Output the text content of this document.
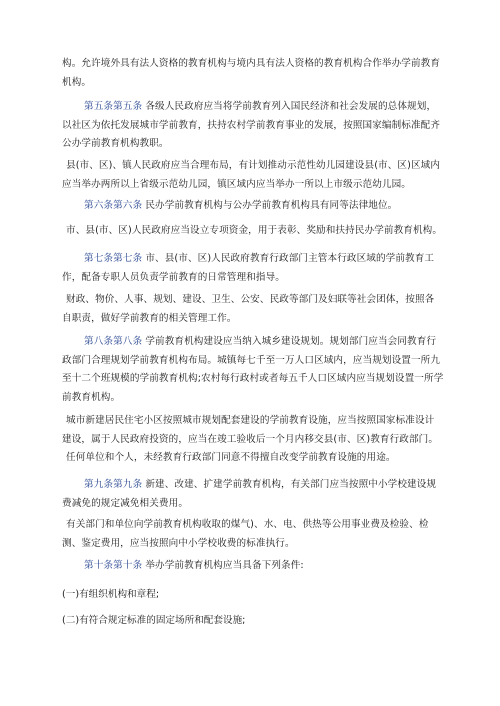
构。允许境外具有法人资格的教育机构与境内具有法人资格的教育机构合作举办学前教育机构。

第五条第五条 各级人民政府应当将学前教育列入国民经济和社会发展的总体规划，以社区为依托发展城市学前教育，扶持农村学前教育事业的发展，按照国家编制标准配齐公办学前教育机构教职。

县(市、区)、镇人民政府应当合理布局，有计划推动示范性幼儿园建设县(市、区)区域内应当举办两所以上省级示范幼儿园，镇区域内应当举办一所以上市级示范幼儿园。

第六条第六条 民办学前教育机构与公办学前教育机构具有同等法律地位。

市、县(市、区)人民政府应当设立专项资金，用于表彰、奖励和扶持民办学前教育机构。

第七条第七条 市、县(市、区)人民政府教育行政部门主管本行政区域的学前教育工作，配备专职人员负责学前教育的日常管理和指导。

财政、物价、人事、规划、建设、卫生、公安、民政等部门及妇联等社会团体，按照各自职责，做好学前教育的相关管理工作。

第八条第八条 学前教育机构建设应当纳入城乡建设规划。规划部门应当会同教育行政部门合理规划学前教育机构布局。城镇每七千至一万人口区域内，应当规划设置一所九至十二个班规模的学前教育机构;农村每行政村或者每五千人口区域内应当规划设置一所学前教育机构。

城市新建居民住宅小区按照城市规划配套建设的学前教育设施，应当按照国家标准设计建设，属于人民政府投资的，应当在竣工验收后一个月内移交县(市、区)教育行政部门。

任何单位和个人，未经教育行政部门同意不得擅自改变学前教育设施的用途。

第九条第九条 新建、改建、扩建学前教育机构，有关部门应当按照中小学校建设规费减免的规定减免相关费用。

有关部门和单位向学前教育机构收取的煤气)、水、电、供热等公用事业费及检验、检测、鉴定费用，应当按照向中小学校收费的标准执行。

第十条第十条 举办学前教育机构应当具备下列条件:

(一)有组织机构和章程;

(二)有符合规定标准的固定场所和配套设施;
